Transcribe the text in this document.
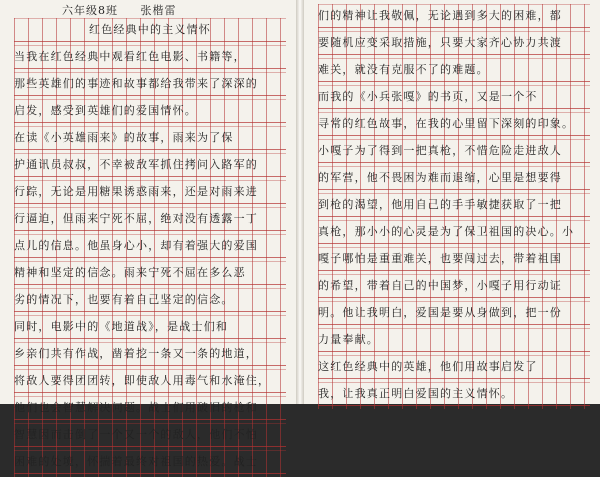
六年级8班 张楷雷
红色经典中的主义情怀
当我在红色经典中观看红色电影、书籍等，
那些英雄们的事迹和故事都给我带来了深深的
启发，感受到英雄们的爱国情怀。
在读《小英雄雨来》的故事，雨来为了保
护通讯员叔叔，不幸被敌军抓住拷问入路军的
行踪，无论是用糖果诱惑雨来，还是对雨来进
行逼迫，但雨来宁死不屈，绝对没有透露一丁
点儿的信息。他虽身心小，却有着强大的爱国
精神和坚定的信念。雨来宁死不屈在多么恶
劣的情况下，也要有着自己坚定的信念。
同时，电影中的《地道战》，是战士们和
乡亲们共有作战，凿着挖一条又一条的地道，
将敌人要得团团转，即使敌人用毒气和水淹住，
他们也会智慧解决问题。战士们用破旧的枪和
智慧因而击倒了一个又一个的敌人，他们不怕
困难的处境，怀揣着最终对祖国的热爱。战士
们的精神让我敬佩，无论遇到多大的困难，都
要随机应变采取措施，只要大家齐心协力共渡
难关，就没有克服不了的难题。
而我的《小兵张嘎》的书页，又是一个不
寻常的红色故事，在我的心里留下深刻的印象。
小嘎子为了得到一把真枪，不惜危险走进敌人
的军营，他不畏困为难而退缩，心里是想要得
到枪的渴望，他用自己的手手敏捷获取了一把
真枪，那小小的心灵是为了保卫祖国的决心。小
嘎子哪怕是重重难关，也要闯过去，带着祖国
的希望，带着自己的中国梦，小嘎子用行动证
明。他让我明白，爱国是要从身做到，把一份
力量奉献。
这红色经典中的英雄，他们用故事启发了
我，让我真正明白爱国的主义情怀。
